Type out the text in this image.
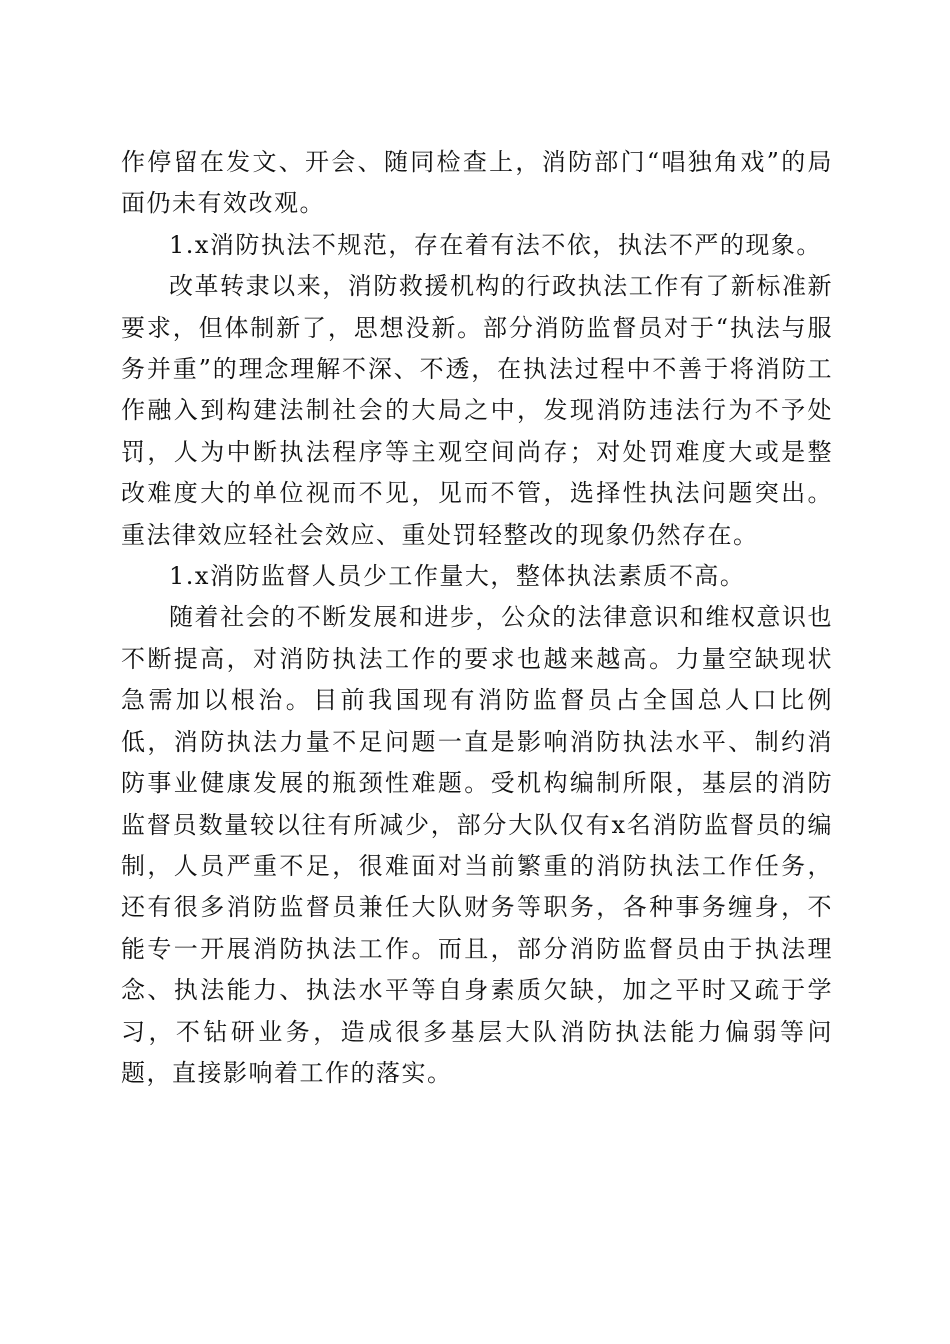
作停留在发文、开会、随同检查上，消防部门“唱独角戏”的局面仍未有效改观。

1.x消防执法不规范，存在着有法不依，执法不严的现象。

改革转隶以来，消防救援机构的行政执法工作有了新标准新要求，但体制新了，思想没新。部分消防监督员对于“执法与服务并重”的理念理解不深、不透，在执法过程中不善于将消防工作融入到构建法制社会的大局之中，发现消防违法行为不予处罚，人为中断执法程序等主观空间尚存；对处罚难度大或是整改难度大的单位视而不见，见而不管，选择性执法问题突出。重法律效应轻社会效应、重处罚轻整改的现象仍然存在。

1.x消防监督人员少工作量大，整体执法素质不高。

随着社会的不断发展和进步，公众的法律意识和维权意识也不断提高，对消防执法工作的要求也越来越高。力量空缺现状急需加以根治。目前我国现有消防监督员占全国总人口比例低，消防执法力量不足问题一直是影响消防执法水平、制约消防事业健康发展的瓶颈性难题。受机构编制所限，基层的消防监督员数量较以往有所减少，部分大队仅有x名消防监督员的编制，人员严重不足，很难面对当前繁重的消防执法工作任务，还有很多消防监督员兼任大队财务等职务，各种事务缠身，不能专一开展消防执法工作。而且，部分消防监督员由于执法理念、执法能力、执法水平等自身素质欠缺，加之平时又疏于学习，不钻研业务，造成很多基层大队消防执法能力偏弱等问题，直接影响着工作的落实。
